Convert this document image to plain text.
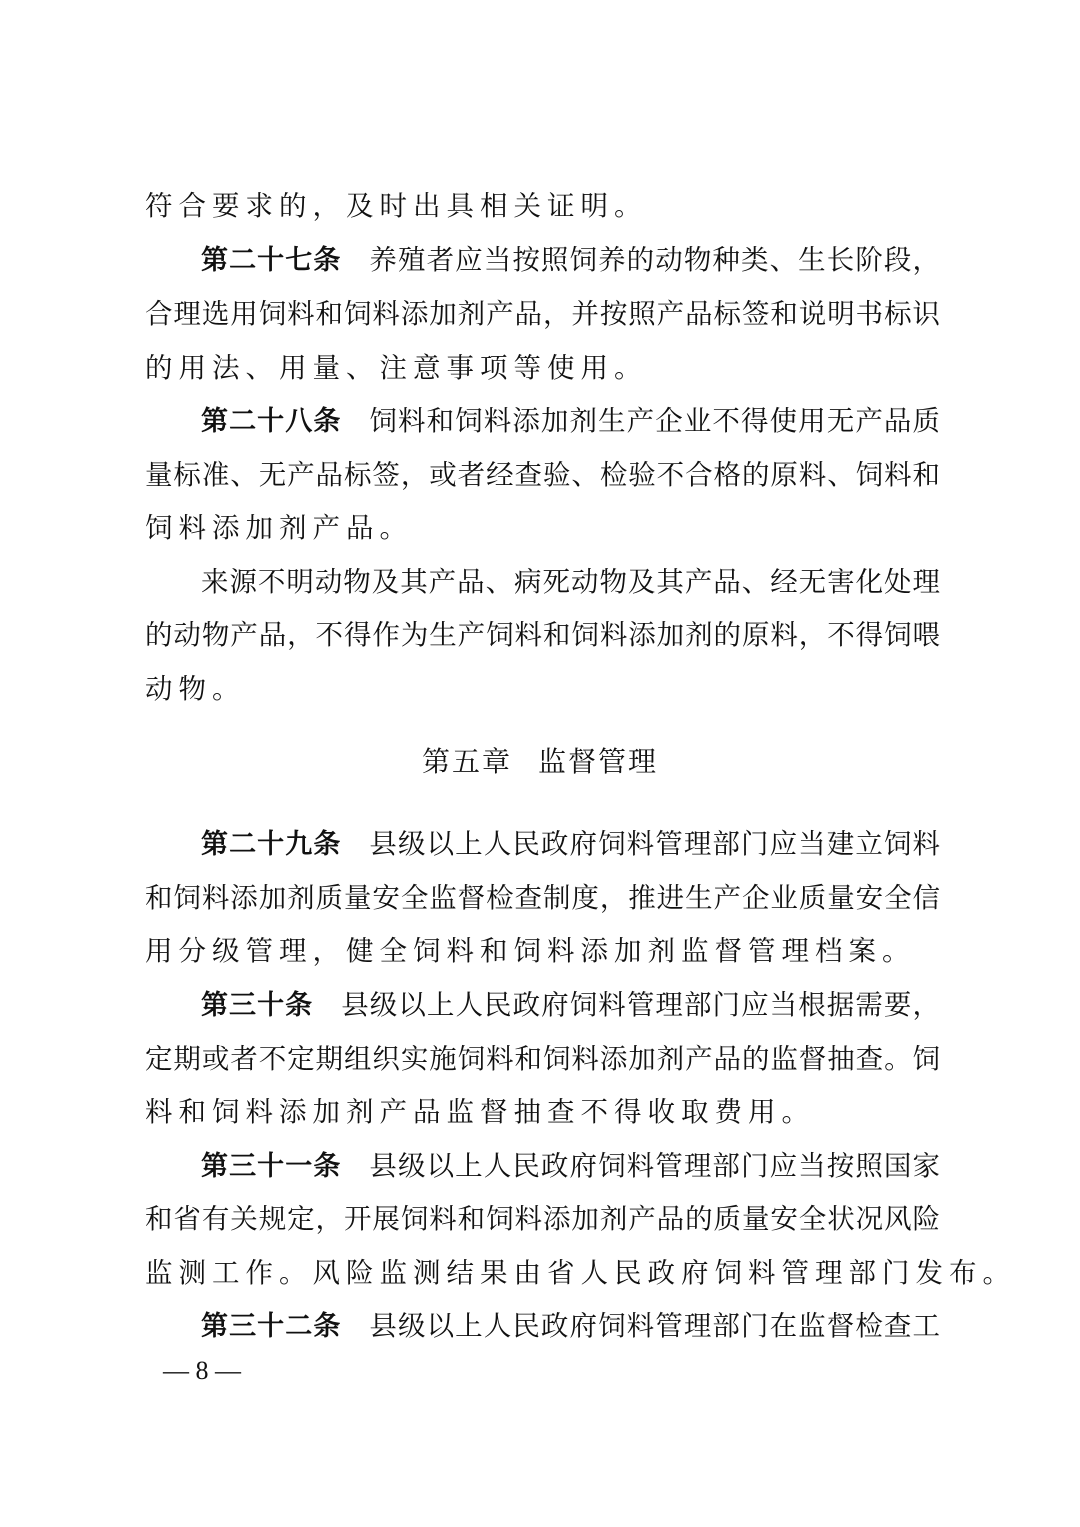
符合要求的，及时出具相关证明。
第二十七条 养殖者应当按照饲养的动物种类、生长阶段，
合理选用饲料和饲料添加剂产品，并按照产品标签和说明书标识
的用法、用量、注意事项等使用。
第二十八条 饲料和饲料添加剂生产企业不得使用无产品质
量标准、无产品标签，或者经查验、检验不合格的原料、饲料和
饲料添加剂产品。
来源不明动物及其产品、病死动物及其产品、经无害化处理
的动物产品，不得作为生产饲料和饲料添加剂的原料，不得饲喂
动物。
第五章 监督管理
第二十九条 县级以上人民政府饲料管理部门应当建立饲料
和饲料添加剂质量安全监督检查制度，推进生产企业质量安全信
用分级管理，健全饲料和饲料添加剂监督管理档案。
第三十条 县级以上人民政府饲料管理部门应当根据需要，
定期或者不定期组织实施饲料和饲料添加剂产品的监督抽查。饲
料和饲料添加剂产品监督抽查不得收取费用。
第三十一条 县级以上人民政府饲料管理部门应当按照国家
和省有关规定，开展饲料和饲料添加剂产品的质量安全状况风险
监测工作。风险监测结果由省人民政府饲料管理部门发布。
第三十二条 县级以上人民政府饲料管理部门在监督检查工
— 8 —
